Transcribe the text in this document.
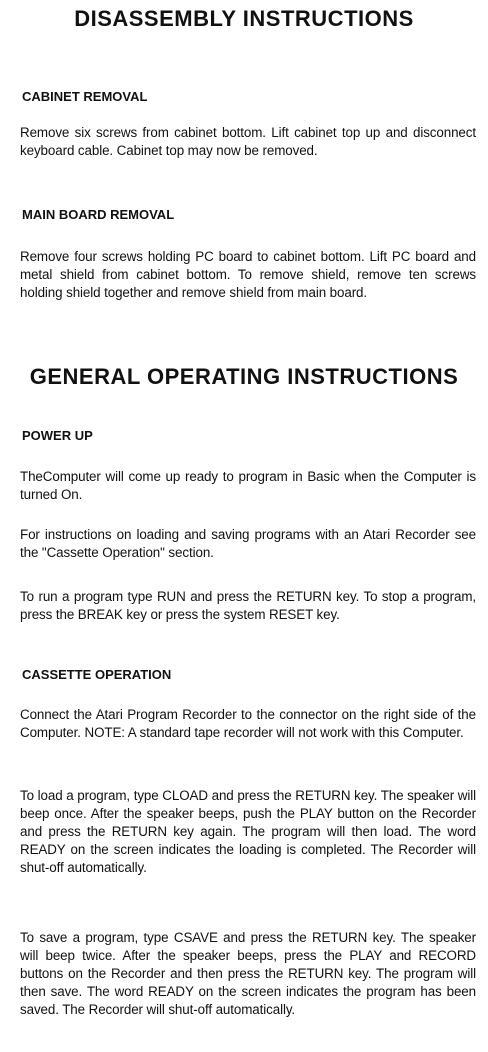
DISASSEMBLY INSTRUCTIONS
CABINET REMOVAL

Remove six screws from cabinet bottom. Lift cabinet top up and disconnect keyboard cable. Cabinet top may now be removed.

MAIN BOARD REMOVAL

Remove four screws holding PC board to cabinet bottom. Lift PC board and metal shield from cabinet bottom. To remove shield, remove ten screws holding shield together and remove shield from main board.

GENERAL OPERATING INSTRUCTIONS
POWER UP

TheComputer will come up ready to program in Basic when the Computer is turned On.

For instructions on loading and saving programs with an Atari Recorder see the "Cassette Operation" section.

To run a program type RUN and press the RETURN key. To stop a program, press the BREAK key or press the system RESET key.

CASSETTE OPERATION

Connect the Atari Program Recorder to the connector on the right side of the Computer. NOTE: A standard tape recorder will not work with this Computer.

To load a program, type CLOAD and press the RETURN key. The speaker will beep once. After the speaker beeps, push the PLAY button on the Recorder and press the RETURN key again. The program will then load. The word READY on the screen indicates the loading is completed. The Recorder will shut-off automatically.

To save a program, type CSAVE and press the RETURN key. The speaker will beep twice. After the speaker beeps, press the PLAY and RECORD buttons on the Recorder and then press the RETURN key. The program will then save. The word READY on the screen indicates the program has been saved. The Recorder will shut-off automatically.
